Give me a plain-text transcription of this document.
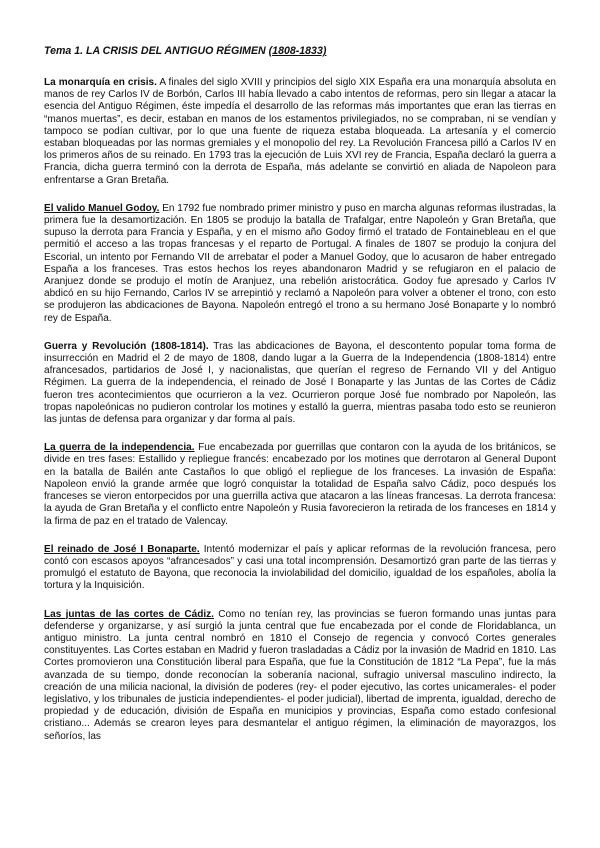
Tema 1. LA CRISIS DEL ANTIGUO RÉGIMEN (1808-1833)

La monarquía en crisis. A finales del siglo XVIII y principios del siglo XIX España era una monarquía absoluta en manos de rey Carlos IV de Borbón, Carlos III había llevado a cabo intentos de reformas, pero sin llegar a atacar la esencia del Antiguo Régimen, éste impedía el desarrollo de las reformas más importantes que eran las tierras en “manos muertas”, es decir, estaban en manos de los estamentos privilegiados, no se compraban, ni se vendían y tampoco se podían cultivar, por lo que una fuente de riqueza estaba bloqueada. La artesanía y el comercio estaban bloqueadas por las normas gremiales y el monopolio del rey. La Revolución Francesa pilló a Carlos IV en los primeros años de su reinado. En 1793 tras la ejecución de Luis XVI rey de Francia, España declaró la guerra a Francia, dicha guerra terminó con la derrota de España, más adelante se convirtió en aliada de Napoleon para enfrentarse a Gran Bretaña.

El valido Manuel Godoy. En 1792 fue nombrado primer ministro y puso en marcha algunas reformas ilustradas, la primera fue la desamortización. En 1805 se produjo la batalla de Trafalgar, entre Napoleón y Gran Bretaña, que supuso la derrota para Francia y España, y en el mismo año Godoy firmó el tratado de Fontainebleau en el que permitió el acceso a las tropas francesas y el reparto de Portugal. A finales de 1807 se produjo la conjura del Escorial, un intento por Fernando VII de arrebatar el poder a Manuel Godoy, que lo acusaron de haber entregado España a los franceses. Tras estos hechos los reyes abandonaron Madrid y se refugiaron en el palacio de Aranjuez donde se produjo el motín de Aranjuez, una rebelión aristocrática. Godoy fue apresado y Carlos IV abdicó en su hijo Fernando, Carlos IV se arrepintió y reclamó a Napoleón para volver a obtener el trono, con esto se produjeron las abdicaciones de Bayona. Napoleón entregó el trono a su hermano José Bonaparte y lo nombró rey de España.

Guerra y Revolución (1808-1814). Tras las abdicaciones de Bayona, el descontento popular toma forma de insurrección en Madrid el 2 de mayo de 1808, dando lugar a la Guerra de la Independencia (1808-1814) entre afrancesados, partidarios de José I, y nacionalistas, que querían el regreso de Fernando VII y del Antiguo Régimen. La guerra de la independencia, el reinado de José I Bonaparte y las Juntas de las Cortes de Cádiz fueron tres acontecimientos que ocurrieron a la vez. Ocurrieron porque José fue nombrado por Napoleón, las tropas napoleónicas no pudieron controlar los motines y estalló la guerra, mientras pasaba todo esto se reunieron las juntas de defensa para organizar y dar forma al país.

La guerra de la independencia. Fue encabezada por guerrillas que contaron con la ayuda de los británicos, se divide en tres fases: Estallido y repliegue francés: encabezado por los motines que derrotaron al General Dupont en la batalla de Bailén ante Castaños lo que obligó el repliegue de los franceses. La invasión de España: Napoleon envió la grande armée que logró conquistar la totalidad de España salvo Cádiz, poco después los franceses se vieron entorpecidos por una guerrilla activa que atacaron a las líneas francesas. La derrota francesa: la ayuda de Gran Bretaña y el conflicto entre Napoleón y Rusia favorecieron la retirada de los franceses en 1814 y la firma de paz en el tratado de Valencay.

El reinado de José I Bonaparte. Intentó modernizar el país y aplicar reformas de la revolución francesa, pero contó con escasos apoyos “afrancesados” y casi una total incomprensión. Desamortizó gran parte de las tierras y promulgó el estatuto de Bayona, que reconocia la inviolabilidad del domicilio, igualdad de los españoles, abolía la tortura y la Inquisición.

Las juntas de las cortes de Cádiz. Como no tenían rey, las provincias se fueron formando unas juntas para defenderse y organizarse, y así surgió la junta central que fue encabezada por el conde de Floridablanca, un antiguo ministro. La junta central nombró en 1810 el Consejo de regencia y convocó Cortes generales constituyentes. Las Cortes estaban en Madrid y fueron trasladadas a Cádiz por la invasión de Madrid en 1810. Las Cortes promovieron una Constitución liberal para España, que fue la Constitución de 1812 “La Pepa”, fue la más avanzada de su tiempo, donde reconocían la soberanía nacional, sufragio universal masculino indirecto, la creación de una milicia nacional, la división de poderes (rey- el poder ejecutivo, las cortes unicamerales- el poder legislativo, y los tribunales de justicia independientes- el poder judicial), libertad de imprenta, igualdad, derecho de propiedad y de educación, división de España en municipios y provincias, España como estado confesional cristiano... Además se crearon leyes para desmantelar el antiguo régimen, la eliminación de mayorazgos, los señoríos, las
